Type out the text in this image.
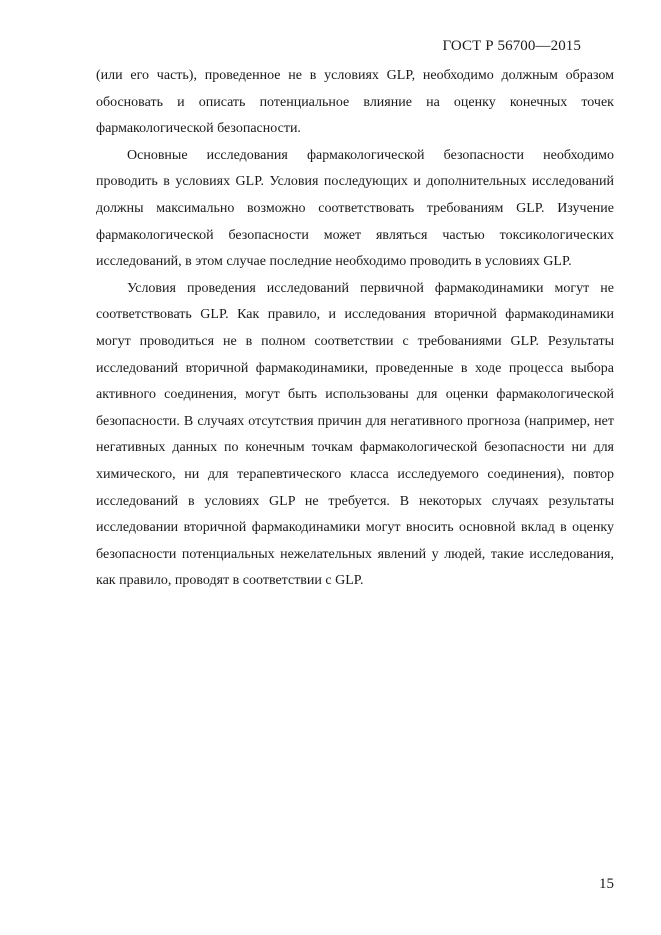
ГОСТ Р 56700—2015

(или его часть), проведенное не в условиях GLP, необходимо должным образом обосновать и описать потенциальное влияние на оценку конечных точек фармакологической безопасности.

Основные исследования фармакологической безопасности необходимо проводить в условиях GLP. Условия последующих и дополнительных исследований должны максимально возможно соответствовать требованиям GLP. Изучение фармакологической безопасности может являться частью токсикологических исследований, в этом случае последние необходимо проводить в условиях GLP.

Условия проведения исследований первичной фармакодинамики могут не соответствовать GLP. Как правило, и исследования вторичной фармакодинамики могут проводиться не в полном соответствии с требованиями GLP. Результаты исследований вторичной фармакодинамики, проведенные в ходе процесса выбора активного соединения, могут быть использованы для оценки фармакологической безопасности. В случаях отсутствия причин для негативного прогноза (например, нет негативных данных по конечным точкам фармакологической безопасности ни для химического, ни для терапевтического класса исследуемого соединения), повтор исследований в условиях GLP не требуется. В некоторых случаях результаты исследовании вторичной фармакодинамики могут вносить основной вклад в оценку безопасности потенциальных нежелательных явлений у людей, такие исследования, как правило, проводят в соответствии с GLP.

15
